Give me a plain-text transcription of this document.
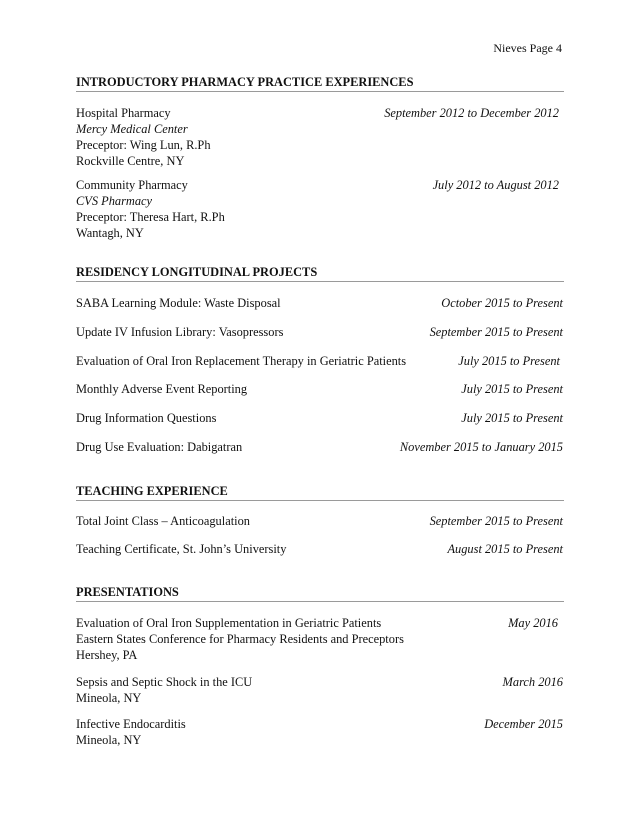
Nieves Page 4
INTRODUCTORY PHARMACY PRACTICE EXPERIENCES
Hospital Pharmacy	September 2012 to December 2012
Mercy Medical Center
Preceptor: Wing Lun, R.Ph
Rockville Centre, NY
Community Pharmacy	July 2012 to August 2012
CVS Pharmacy
Preceptor: Theresa Hart, R.Ph
Wantagh, NY
RESIDENCY LONGITUDINAL PROJECTS
SABA Learning Module: Waste Disposal	October 2015 to Present
Update IV Infusion Library: Vasopressors	September 2015 to Present
Evaluation of Oral Iron Replacement Therapy in Geriatric Patients	July 2015 to Present
Monthly Adverse Event Reporting	July 2015 to Present
Drug Information Questions	July 2015 to Present
Drug Use Evaluation: Dabigatran	November 2015 to January 2015
TEACHING EXPERIENCE
Total Joint Class – Anticoagulation	September 2015 to Present
Teaching Certificate, St. John’s University	August 2015 to Present
PRESENTATIONS
Evaluation of Oral Iron Supplementation in Geriatric Patients	May 2016
Eastern States Conference for Pharmacy Residents and Preceptors
Hershey, PA
Sepsis and Septic Shock in the ICU	March 2016
Mineola, NY
Infective Endocarditis	December 2015
Mineola, NY
